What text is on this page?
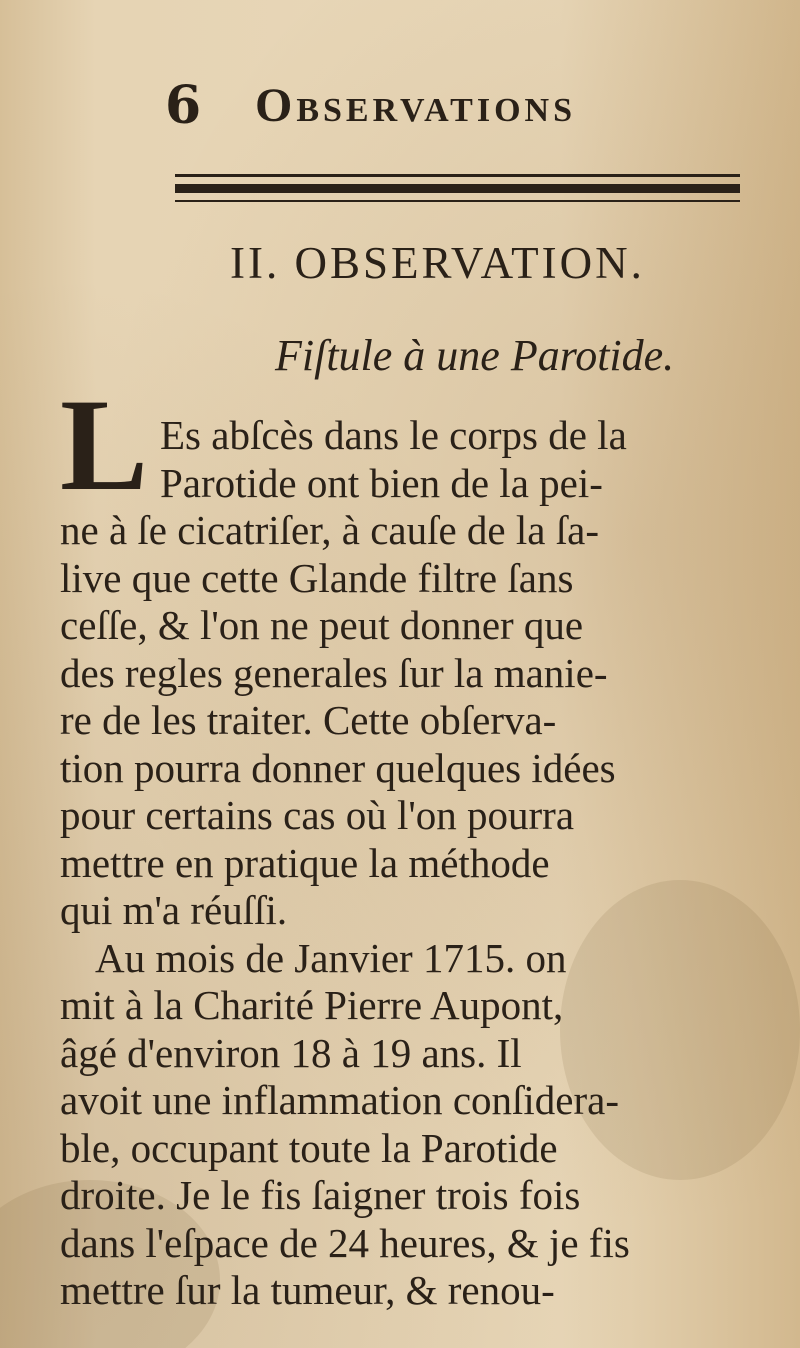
6	Observations
II. OBSERVATION.
Fiſtule à une Parotide.
L Es abſcès dans le corps de la
Parotide ont bien de la pei-
ne à ſe cicatriſer, à cauſe de la ſa-
live que cette Glande filtre ſans
ceſſe, & l'on ne peut donner que
des regles generales ſur la manie-
re de les traiter. Cette obſerva-
tion pourra donner quelques idées
pour certains cas où l'on pourra
mettre en pratique la méthode
qui m'a réuſſi.
Au mois de Janvier 1715. on
mit à la Charité Pierre Aupont,
âgé d'environ 18 à 19 ans. Il
avoit une inflammation conſidera-
ble, occupant toute la Parotide
droite. Je le fis ſaigner trois fois
dans l'eſpace de 24 heures, & je fis
mettre ſur la tumeur, & renou-
